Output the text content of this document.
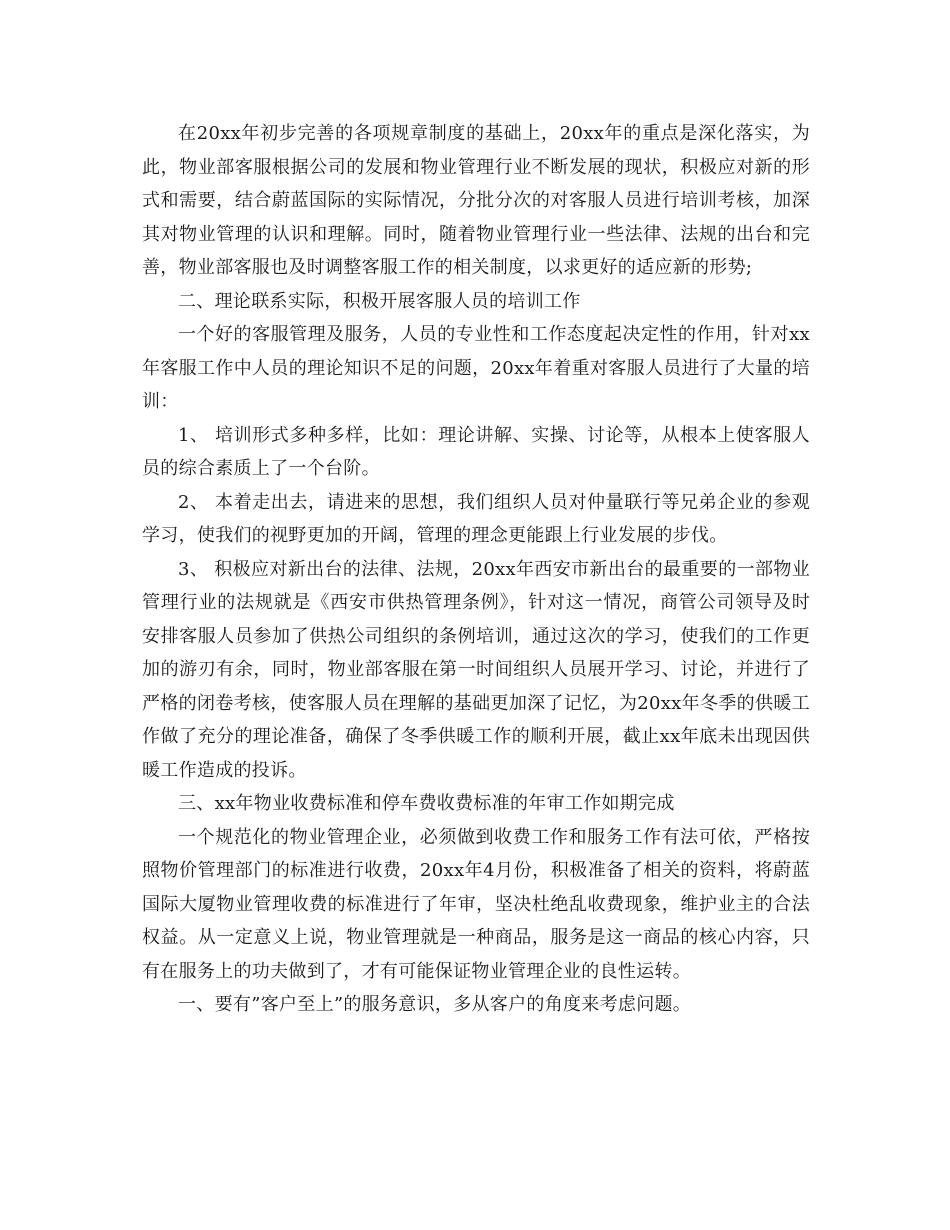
在20xx年初步完善的各项规章制度的基础上，20xx年的重点是深化落实，为此，物业部客服根据公司的发展和物业管理行业不断发展的现状，积极应对新的形式和需要，结合蔚蓝国际的实际情况，分批分次的对客服人员进行培训考核，加深其对物业管理的认识和理解。同时，随着物业管理行业一些法律、法规的出台和完善，物业部客服也及时调整客服工作的相关制度，以求更好的适应新的形势;

二、理论联系实际，积极开展客服人员的培训工作

一个好的客服管理及服务，人员的专业性和工作态度起决定性的作用，针对xx年客服工作中人员的理论知识不足的问题，20xx年着重对客服人员进行了大量的培训：

1、 培训形式多种多样，比如：理论讲解、实操、讨论等，从根本上使客服人员的综合素质上了一个台阶。

2、 本着走出去，请进来的思想，我们组织人员对仲量联行等兄弟企业的参观学习，使我们的视野更加的开阔，管理的理念更能跟上行业发展的步伐。

3、 积极应对新出台的法律、法规，20xx年西安市新出台的最重要的一部物业管理行业的法规就是《西安市供热管理条例》，针对这一情况，商管公司领导及时安排客服人员参加了供热公司组织的条例培训，通过这次的学习，使我们的工作更加的游刃有余，同时，物业部客服在第一时间组织人员展开学习、讨论，并进行了严格的闭卷考核，使客服人员在理解的基础更加深了记忆，为20xx年冬季的供暖工作做了充分的理论准备，确保了冬季供暖工作的顺利开展，截止xx年底未出现因供暖工作造成的投诉。

三、xx年物业收费标准和停车费收费标准的年审工作如期完成

一个规范化的物业管理企业，必须做到收费工作和服务工作有法可依，严格按照物价管理部门的标准进行收费，20xx年4月份，积极准备了相关的资料，将蔚蓝国际大厦物业管理收费的标准进行了年审，坚决杜绝乱收费现象，维护业主的合法权益。从一定意义上说，物业管理就是一种商品，服务是这一商品的核心内容，只有在服务上的功夫做到了，才有可能保证物业管理企业的良性运转。

一、要有”客户至上”的服务意识，多从客户的角度来考虑问题。
